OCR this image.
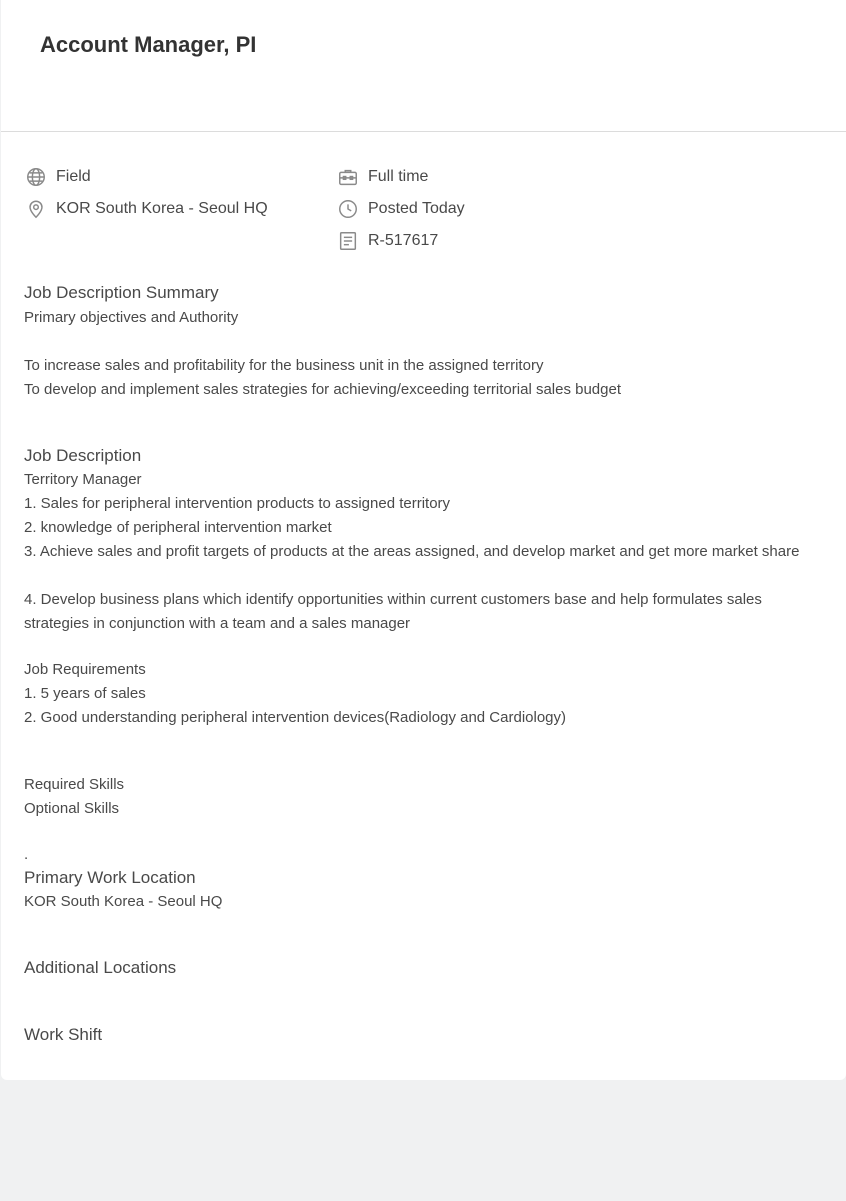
Account Manager, PI
Field
KOR South Korea - Seoul HQ
Full time
Posted Today
R-517617
Job Description Summary

Primary objectives and Authority

To increase sales and profitability for the business unit in the assigned territory

To develop and implement sales strategies for achieving/exceeding territorial sales budget

Job Description

Territory Manager

1. Sales for peripheral intervention products to assigned territory

2. knowledge of peripheral intervention market

3. Achieve sales and profit targets of products at the areas assigned, and develop market and get more market share

4. Develop business plans which identify opportunities within current customers base and help formulates sales strategies in conjunction with a team and a sales manager

Job Requirements

1. 5 years of sales

2. Good understanding peripheral intervention devices(Radiology and Cardiology)

Required Skills

Optional Skills

.

Primary Work Location

KOR South Korea - Seoul HQ

Additional Locations
Work Shift
